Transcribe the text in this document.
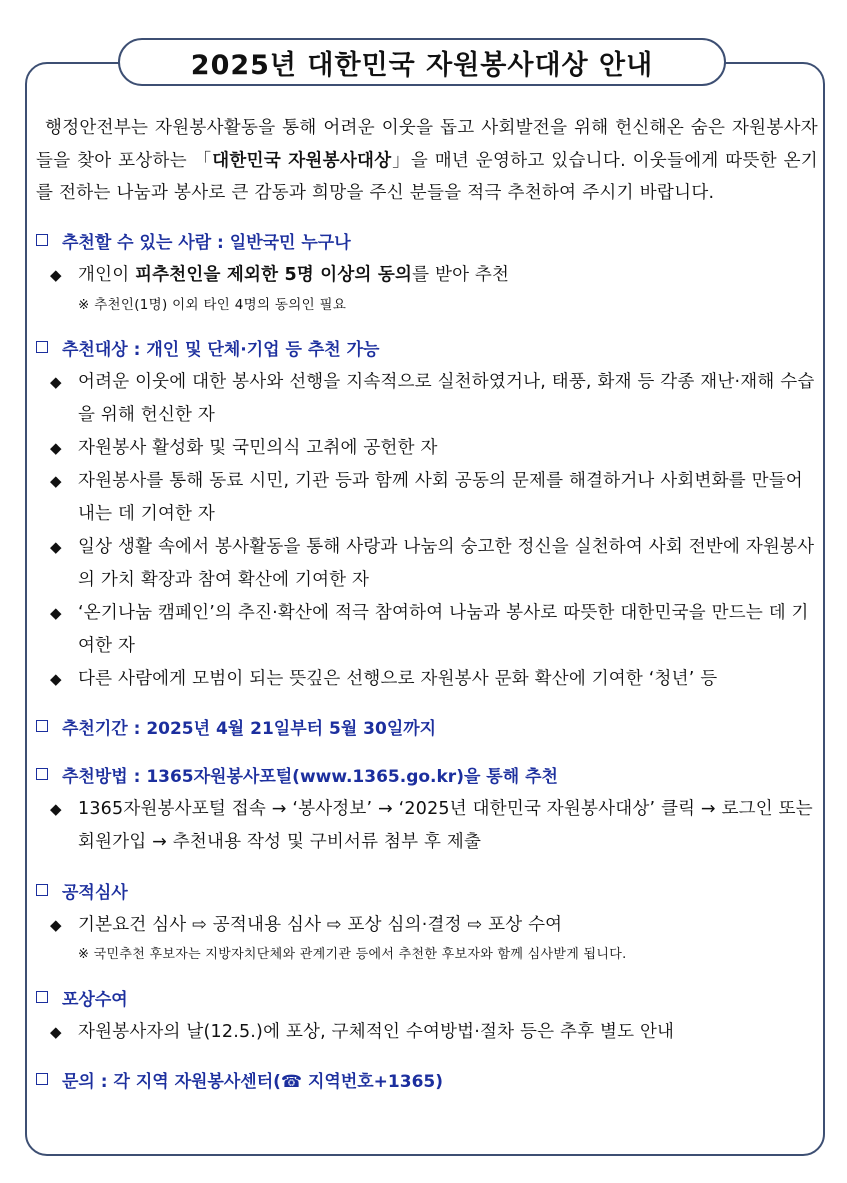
2025년 대한민국 자원봉사대상 안내

행정안전부는 자원봉사활동을 통해 어려운 이웃을 돕고 사회발전을 위해 헌신해온 숨은 자원봉사자들을 찾아 포상하는 「대한민국 자원봉사대상」을 매년 운영하고 있습니다. 이웃들에게 따뜻한 온기를 전하는 나눔과 봉사로 큰 감동과 희망을 주신 분들을 적극 추천하여 주시기 바랍니다.

추천할 수 있는 사람 : 일반국민 누구나
◆ 개인이 피추천인을 제외한 5명 이상의 동의를 받아 추천
※ 추천인(1명) 이외 타인 4명의 동의인 필요
추천대상 : 개인 및 단체·기업 등 추천 가능
◆ 어려운 이웃에 대한 봉사와 선행을 지속적으로 실천하였거나, 태풍, 화재 등 각종 재난·재해 수습을 위해 헌신한 자
◆ 자원봉사 활성화 및 국민의식 고취에 공헌한 자
◆ 자원봉사를 통해 동료 시민, 기관 등과 함께 사회 공동의 문제를 해결하거나 사회변화를 만들어내는 데 기여한 자
◆ 일상 생활 속에서 봉사활동을 통해 사랑과 나눔의 숭고한 정신을 실천하여 사회 전반에 자원봉사의 가치 확장과 참여 확산에 기여한 자
◆ ‘온기나눔 캠페인’의 추진·확산에 적극 참여하여 나눔과 봉사로 따뜻한 대한민국을 만드는 데 기여한 자
◆ 다른 사람에게 모범이 되는 뜻깊은 선행으로 자원봉사 문화 확산에 기여한 ‘청년’ 등
추천기간 : 2025년 4월 21일부터 5월 30일까지
추천방법 : 1365자원봉사포털(www.1365.go.kr)을 통해 추천
◆ 1365자원봉사포털 접속 → ‘봉사정보’ → ‘2025년 대한민국 자원봉사대상’ 클릭 → 로그인 또는 회원가입 → 추천내용 작성 및 구비서류 첨부 후 제출
공적심사
◆ 기본요건 심사 ⇨ 공적내용 심사 ⇨ 포상 심의·결정 ⇨ 포상 수여
※ 국민추천 후보자는 지방자치단체와 관계기관 등에서 추천한 후보자와 함께 심사받게 됩니다.
포상수여
◆ 자원봉사자의 날(12.5.)에 포상, 구체적인 수여방법·절차 등은 추후 별도 안내
문의 : 각 지역 자원봉사센터(☎ 지역번호+1365)
